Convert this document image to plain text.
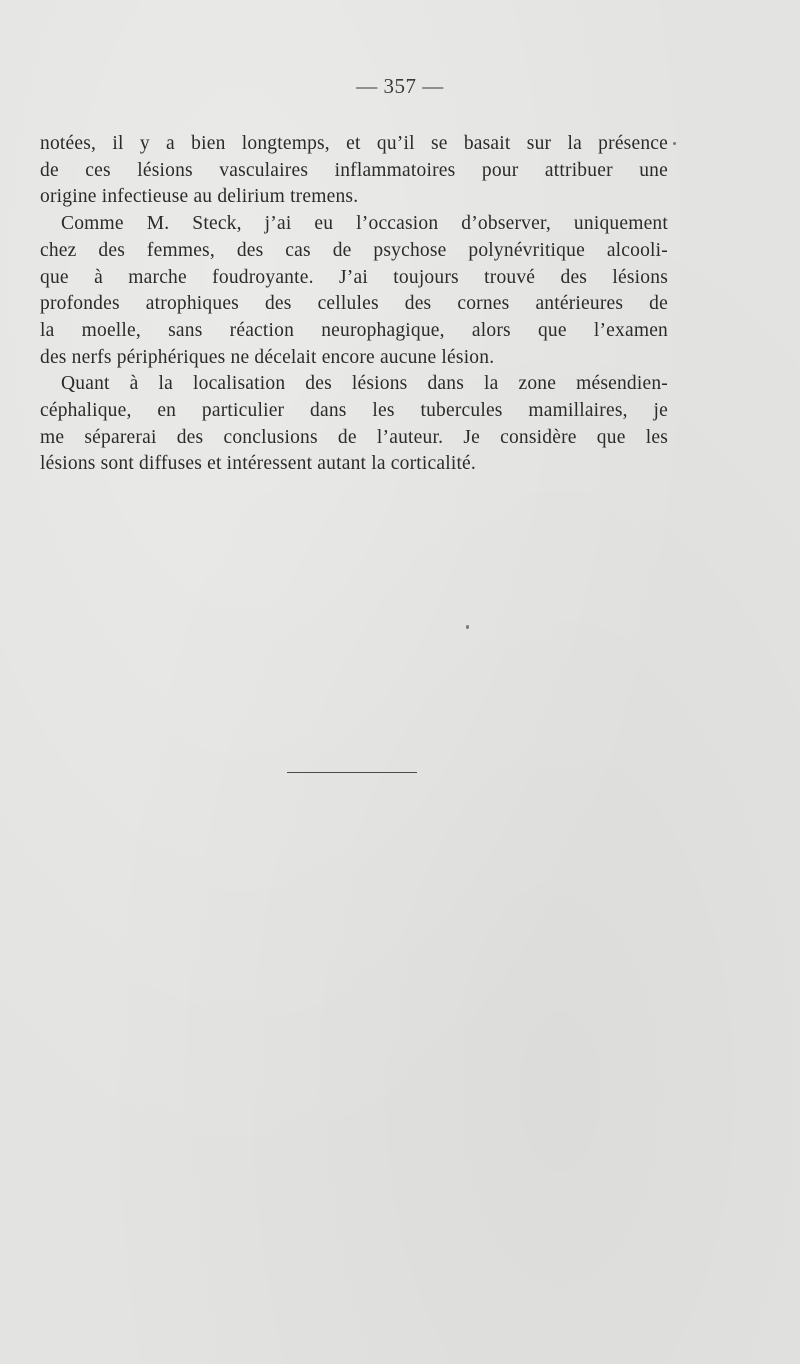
— 357 —
notées, il y a bien longtemps, et qu’il se basait sur la présence
de ces lésions vasculaires inflammatoires pour attribuer une
origine infectieuse au delirium tremens.
Comme M. Steck, j’ai eu l’occasion d’observer, uniquement
chez des femmes, des cas de psychose polynévritique alcooli-
que à marche foudroyante. J’ai toujours trouvé des lésions
profondes atrophiques des cellules des cornes antérieures de
la moelle, sans réaction neurophagique, alors que l’examen
des nerfs périphériques ne décelait encore aucune lésion.
Quant à la localisation des lésions dans la zone mésendien-
céphalique, en particulier dans les tubercules mamillaires, je
me séparerai des conclusions de l’auteur. Je considère que les
lésions sont diffuses et intéressent autant la corticalité.
